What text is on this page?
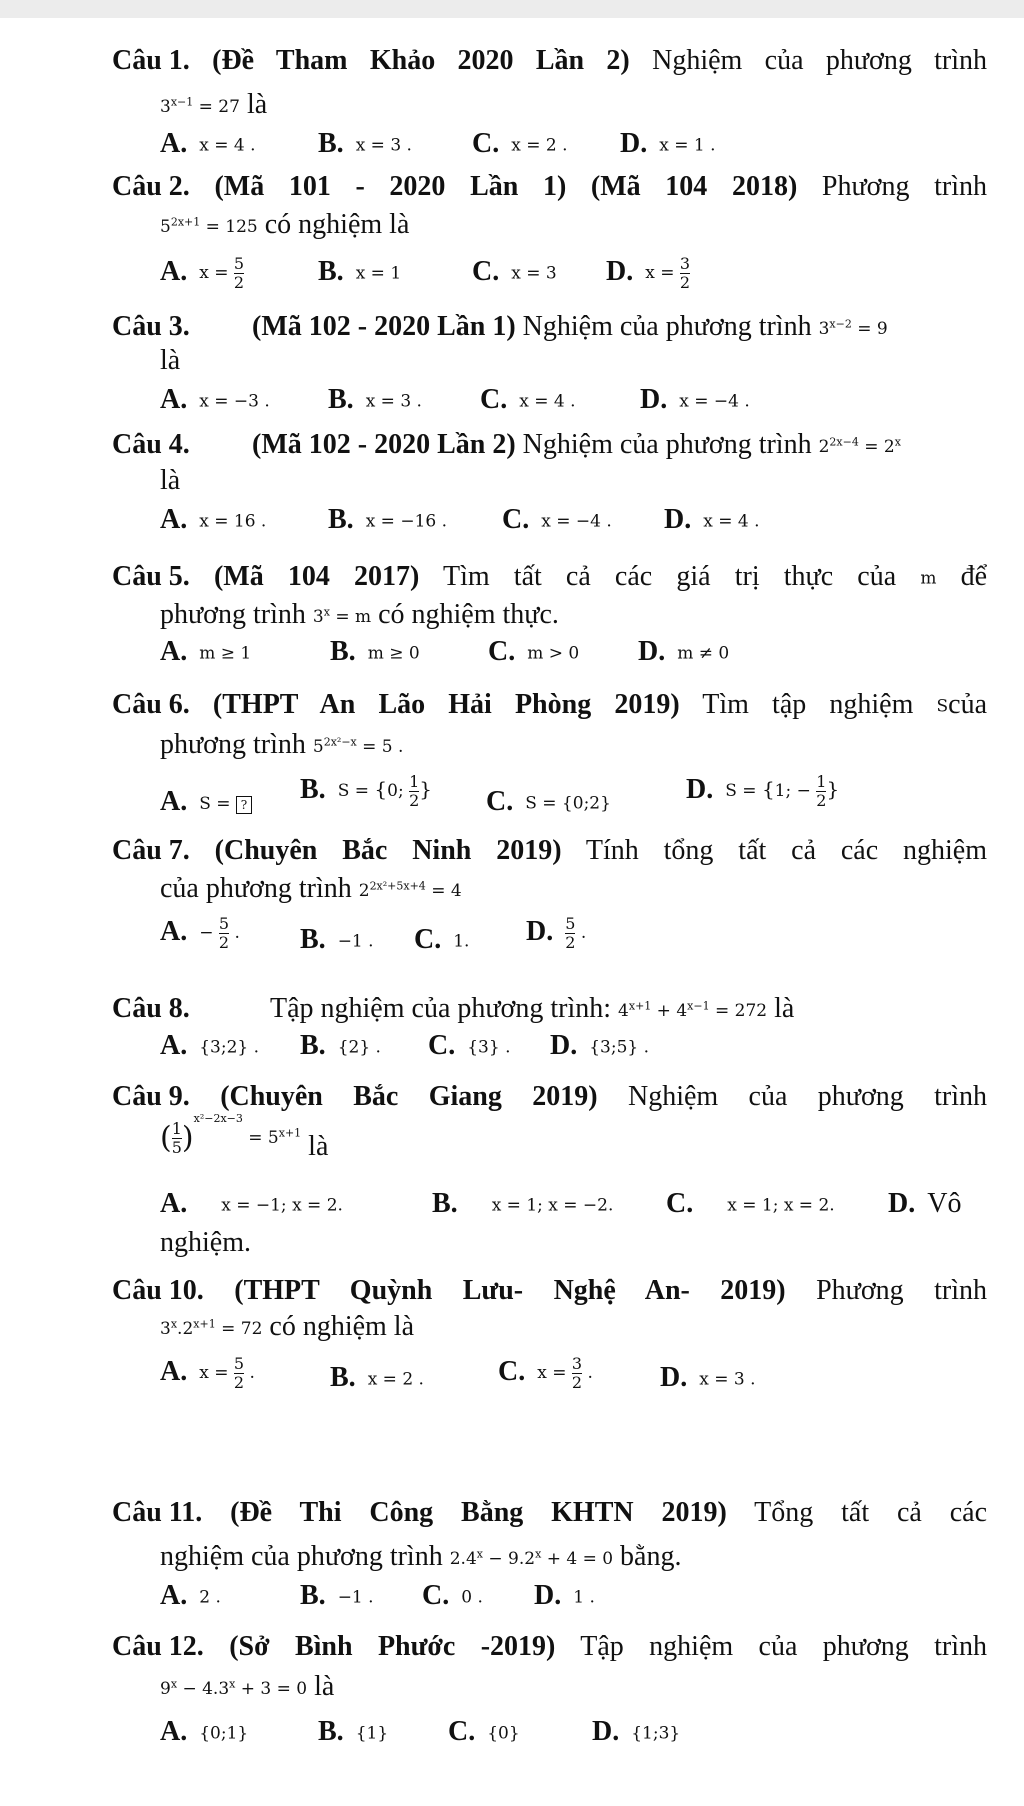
Câu 1. (Đề Tham Khảo 2020 Lần 2) Nghiệm của phương trình
$3^{x-1} = 27$ là
A. x = 4 . B. x = 3 . C. x = 2 . D. x = 1 .
Câu 2. (Mã 101 - 2020 Lần 1) (Mã 104 2018) Phương trình
$5^{2x+1} = 125$ có nghiệm là
A. $x = \frac{5}{2}$	B. x = 1	C. x = 3 D. $x = \frac{3}{2}$
Câu 3. (Mã 102 - 2020 Lần 1) Nghiệm của phương trình $3^{x-2} = 9$
là
A. x = −3 . B. x = 3 . C. x = 4 . D. x = −4 .
Câu 4. (Mã 102 - 2020 Lần 2) Nghiệm của phương trình $2^{2x-4} = 2^x$
là
A. x = 16 . B. x = −16 . C. x = −4 . D. x = 4 .
Câu 5. (Mã 104 2017) Tìm tất cả các giá trị thực của m để
phương trình $3^x = m$ có nghiệm thực.
A. m ≥ 1	B. m ≥ 0 C. m > 0 D. m ≠ 0
Câu 6. (THPT An Lão Hải Phòng 2019) Tìm tập nghiệm Scủa
phương trình $5^{2x^2-x} = 5$ .
A. S = ? B. S = {0; $\frac{1}{2}$ } C. S = {0;2}	D. S = {1; − $\frac{1}{2}$ }
Câu 7. (Chuyên Bắc Ninh 2019) Tính tổng tất cả các nghiệm
của phương trình $2^{2x^2+5x+4} = 4$
A. − $\frac{5}{2}$ . B. −1 . C. 1. D. $\frac{5}{2}$ .
Câu 8.	Tập nghiệm của phương trình: $4^{x+1} + 4^{x-1} = 272$ là
A. {3;2} . B. {2} . C. {3} . D. {3;5} .
Câu 9. (Chuyên Bắc Giang 2019) Nghiệm của phương trình
( $\frac{1}{5} )^{x^2-2x-3} = 5^{x+1}$ là
A. x = −1; x = 2.	B. x = 1; x = −2. C. x = 1; x = 2. D. Vô
nghiệm.
Câu 10. (THPT Quỳnh Lưu- Nghệ An- 2019) Phương trình
$3^x.2^{x+1} = 72$ có nghiệm là
A. $x = \frac{5}{2}$ .	B. x = 2 .	C. $x = \frac{3}{2}$ . D. x = 3 .
Câu 11. (Đề Thi Công Bằng KHTN 2019) Tổng tất cả các
nghiệm của phương trình $2.4^x - 9.2^x + 4 = 0$ bằng.
A. 2 .	B. −1 . C. 0 . D. 1 .
Câu 12. (Sở Bình Phước -2019) Tập nghiệm của phương trình
$9^x - 4.3^x + 3 = 0$ là
A. {0;1} B. {1} C. {0}	D. {1;3}
